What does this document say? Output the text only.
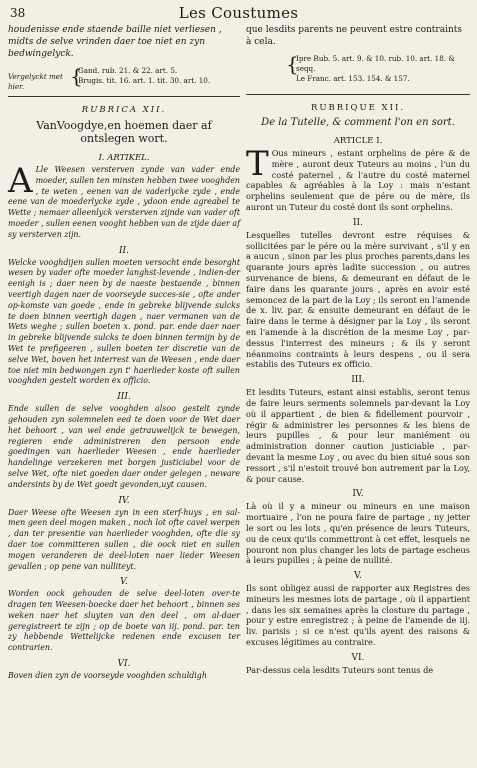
38	Les Coustumes
houdenisse ende staende baille niet verliesen , midts de selve vrinden daer toe niet en zyn bedwingelyck.
Vergelyckt met hier.	{
Gand. rub. 21. & 22. art. 5.
Brugis. tit. 16. art. 1. tit. 30. art. 10.
RUBRICA XII.
VanVoogdye,en hoemen daer af ontslegen wort.
I. ARTIKEL.
A Lle Weesen versterven zynde van vader ende moeder, sullen ten minsten hebben twee vooghden , te weten , eenen van de vaderlycke zyde , ende eene van de moederlycke zyde , ydoon ende agreabel te Wette ; nemaer alleenlyck versterven zijnde van vader oft moeder , sullen eenen vooght hebben van de zijde daer af sy versterven zijn.
II.
Welcke vooghdijen sullen moeten versocht ende besorght wesen by vader ofte moeder langhst-levende , indien-der eenigh is ; daer neen by de naeste bestaende , binnen veertigh dagen naer de voorseyde succes-sie , ofte ander op-komste van goede , ende in gebreke blijvende sulcks te doen binnen veertigh dagen , naer vermanen van de Wets weghe ; sullen boeten x. pond. par. ende daer naer in gebreke blijvende sulcks te doen binnen termijn by de Wet te prefigeeren , sullen boeten ter discretie van de selve Wet, boven het interrest van de Weesen , ende daer toe niet min bedwongen zyn t' haerlieder koste oft sullen vooghden gestelt worden ex officio.
III.
Ende sullen de selve vooghden alsoo gestelt zynde gehouden zyn solemnelen eed te doen voor de Wet daer het behoort , van wel ende getrauwelijck te bewegen, regieren ende administreren den persoon ende goedingen van haerlieder Weesen , ende haerlieder handelinge verzekeren met borgen justiciabel voor de selve Wet, ofte niet goeden daer onder gelegen , neware andersints by de Wet goedt gevonden,uyt causen.
IV.
Daer Weese ofte Weesen zyn in een sterf-huys , en sal-men geen deel mogen maken , noch lot ofte cavel werpen , dan ter presentie van haerlieder vooghden, ofte die sy daer toe committeren sullen , die oock niet en sullen mogen veranderen de deel-loten naer lieder Weesen gevallen ; op pene van nulliteyt.
V.
Worden oock gehouden de selve deel-loten over-te dragen ten Weesen-boecke daer het behoort , binnen ses weken naer het sluyten van den deel , om al-daer geregistreert te zijn ; op de boete van iij. pond. par. ten zy hebbende Wettelijcke redenen ende excusen ter contrarien.
VI.
Boven dien zyn de voorseyde vooghden schuldigh
que lesdits parents ne peuvent estre contraints à cela.
{
Ipre Rub. 5. art. 9. & 10. rub. 10. art. 18. & seqq.
Le Franc. art. 153. 154. & 157.
RUBRIQUE XII.
De la Tutelle, & comment l'on en sort.
ARTICLE I.
T Ous mineurs , estant orphelins de pére & de mère , auront deux Tuteurs au moins , l'un du costé paternel , & l'autre du costé maternel capables & agréables à la Loy : mais n'estant orphelins seulement que de pére ou de mère, ils auront un Tuteur du costé dont ils sont orphelins.
II.
Lesquelles tutelles devront estre réquises & sollicitées par le pére ou la mère survivant , s'il y en a aucun , sinon par les plus proches parents,dans les quarante jours après ladite succession , ou autres survenance de biens, & demeurant en défaut de le faire dans les quarante jours , après en avoir esté semoncez de la part de la Loy ; ils seront en l'amende de x. liv. par. & ensuite demeurant en défaut de le faire dans le terme à désigner par la Loy , ils seront en l'amende à la discrétion de la mesme Loy , par-dessus l'interrest des mineurs ; & ils y seront néanmoins contraints à leurs despens , ou il sera establis des Tuteurs ex officio.
III.
Et lesdits Tuteurs, estant ainsi establis, seront tenus de faire leurs serments solemnels par-devant la Loy où il appartient , de bien & fidellement pourvoir , régir & administrer les personnes & les biens de leurs pupilles , & pour leur maniément ou administration donner caution justiciable , par-devant la mesme Loy , ou avec du bien situé sous son ressort , s'il n'estoit trouvé bon autrement par la Loy, & pour cause.
IV.
Là où il y a mineur ou mineurs en une maison mortuaire , l'on ne poura faire de partage , ny jetter le sort ou les lots , qu'en présence de leurs Tuteurs, ou de ceux qu'ils commettront à cet effet, lesquels ne pouront non plus changer les lots de partage escheus à leurs pupilles ; à peine de nullité.
V.
Ils sont obligez aussi de rapporter aux Registres des mineurs les mesmes lots de partage , où il appartient , dans les six semaines après la closture du partage , pour y estre enregistrez ; à peine de l'amende de iij. liv. parisis ; si ce n'est qu'ils ayent des raisons & excuses légitimes au contraire.
VI.
Par-dessus cela lesdits Tuteurs sont tenus de
